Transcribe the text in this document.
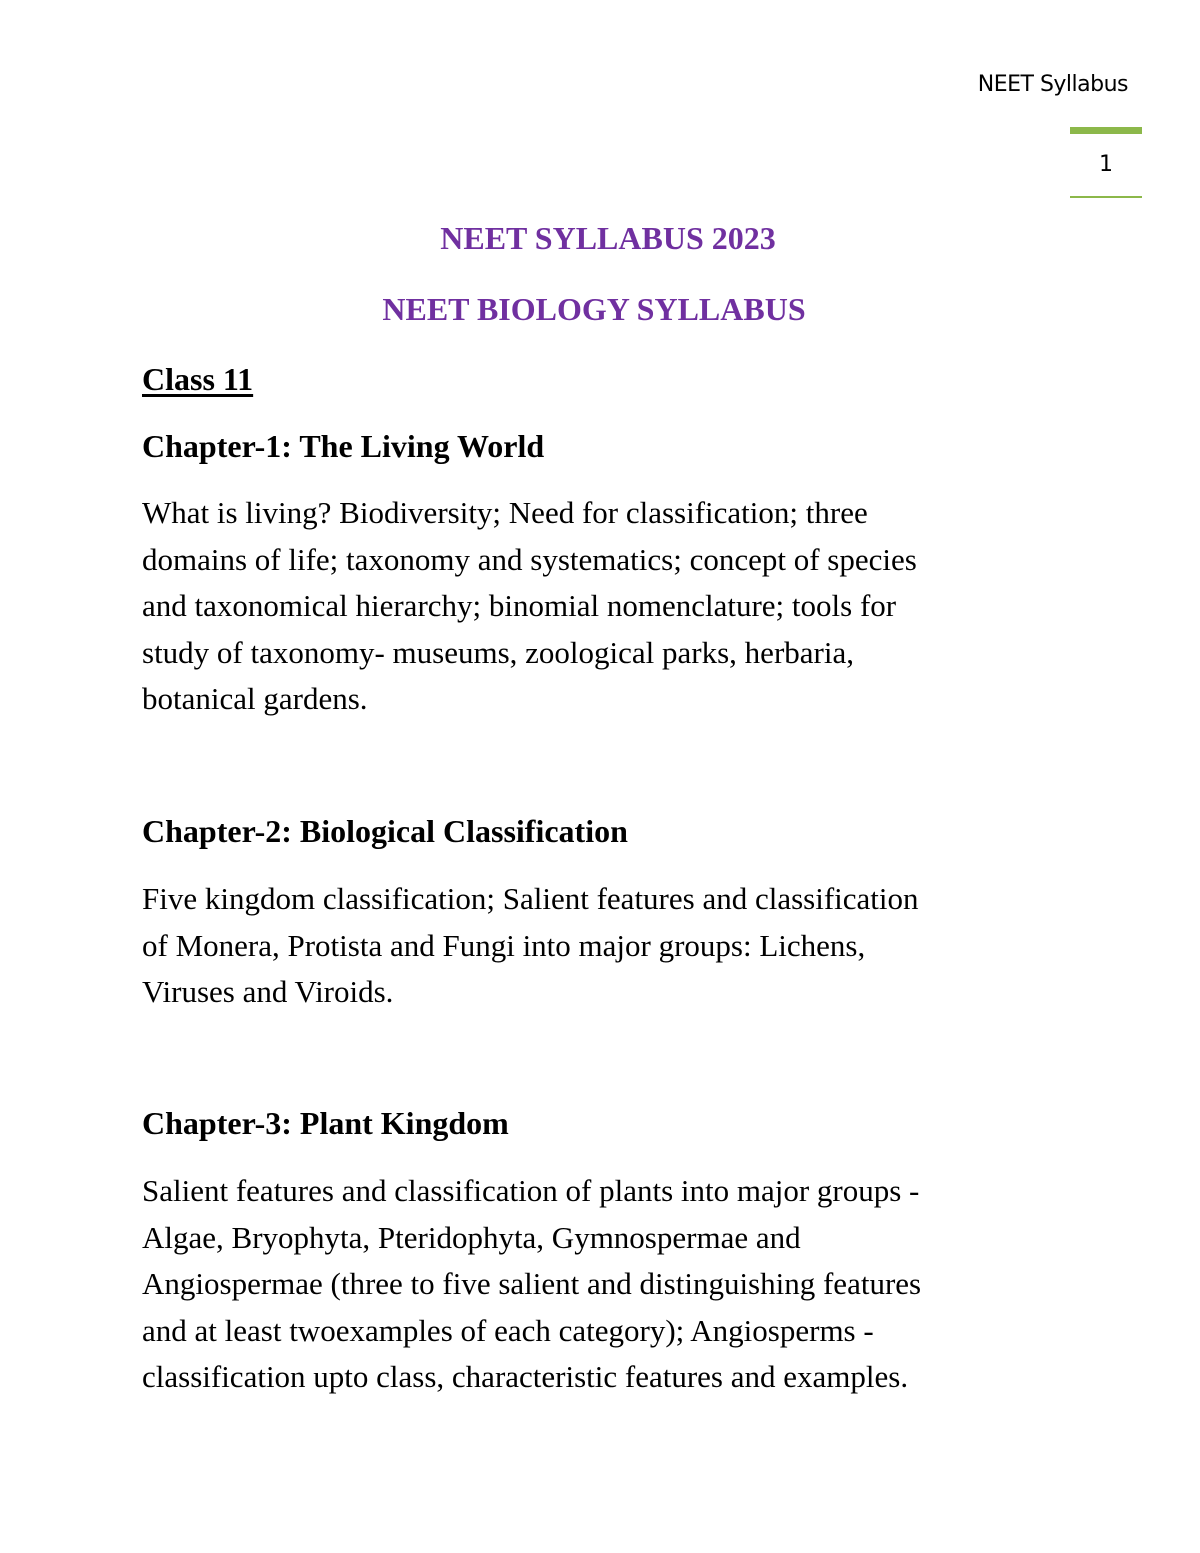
NEET Syllabus
1
NEET SYLLABUS 2023
NEET BIOLOGY SYLLABUS
Class 11
Chapter-1: The Living World

What is living? Biodiversity; Need for classification; three
domains of life; taxonomy and systematics; concept of species
and taxonomical hierarchy; binomial nomenclature; tools for
study of taxonomy- museums, zoological parks, herbaria,
botanical gardens.

Chapter-2: Biological Classification

Five kingdom classification; Salient features and classification
of Monera, Protista and Fungi into major groups: Lichens,
Viruses and Viroids.

Chapter-3: Plant Kingdom

Salient features and classification of plants into major groups -
Algae, Bryophyta, Pteridophyta, Gymnospermae and
Angiospermae (three to five salient and distinguishing features
and at least twoexamples of each category); Angiosperms -
classification upto class, characteristic features and examples.
